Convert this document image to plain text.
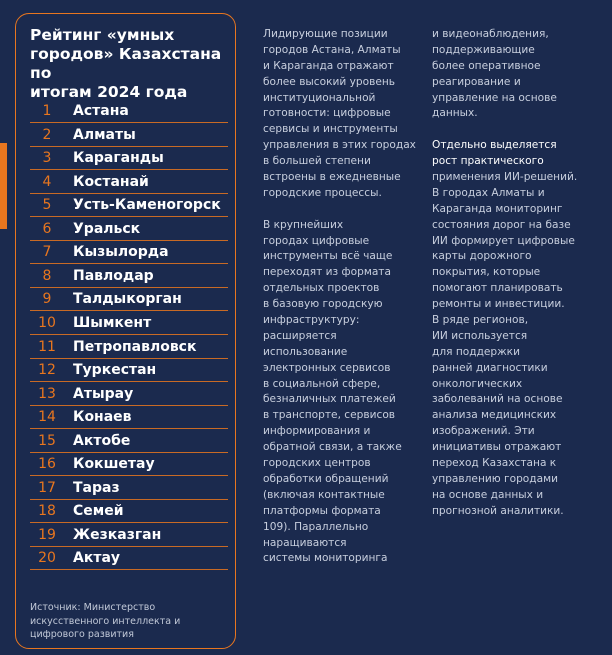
Рейтинг «умных
городов» Казахстана по
итогам 2024 года
1	Астана
2	Алматы
3	Караганды
4	Костанай
5	Усть-Каменогорск
6	Уральск
7	Кызылорда
8	Павлодар
9	Талдыкорган
10	Шымкент
11	Петропавловск
12	Туркестан
13	Атырау
14	Конаев
15	Актобе
16	Кокшетау
17	Тараз
18	Семей
19	Жезказган
20	Актау
Источник: Министерство
искусственного интеллекта и
цифрового развития
Лидирующие позиции
городов Астана, Алматы
и Караганда отражают
более высокий уровень
институциональной
готовности: цифровые
сервисы и инструменты
управления в этих городах
в большей степени
встроены в ежедневные
городские процессы.
В крупнейших
городах цифровые
инструменты всё чаще
переходят из формата
отдельных проектов
в базовую городскую
инфраструктуру:
расширяется
использование
электронных сервисов
в социальной сфере,
безналичных платежей
в транспорте, сервисов
информирования и
обратной связи, а также
городских центров
обработки обращений
(включая контактные
платформы формата
109). Параллельно
наращиваются
системы мониторинга
и видеонаблюдения,
поддерживающие
более оперативное
реагирование и
управление на основе
данных.
Отдельно выделяется
рост практического
применения ИИ-решений.
В городах Алматы и
Караганда мониторинг
состояния дорог на базе
ИИ формирует цифровые
карты дорожного
покрытия, которые
помогают планировать
ремонты и инвестиции.
В ряде регионов,
ИИ используется
для поддержки
ранней диагностики
онкологических
заболеваний на основе
анализа медицинских
изображений. Эти
инициативы отражают
переход Казахстана к
управлению городами
на основе данных и
прогнозной аналитики.
